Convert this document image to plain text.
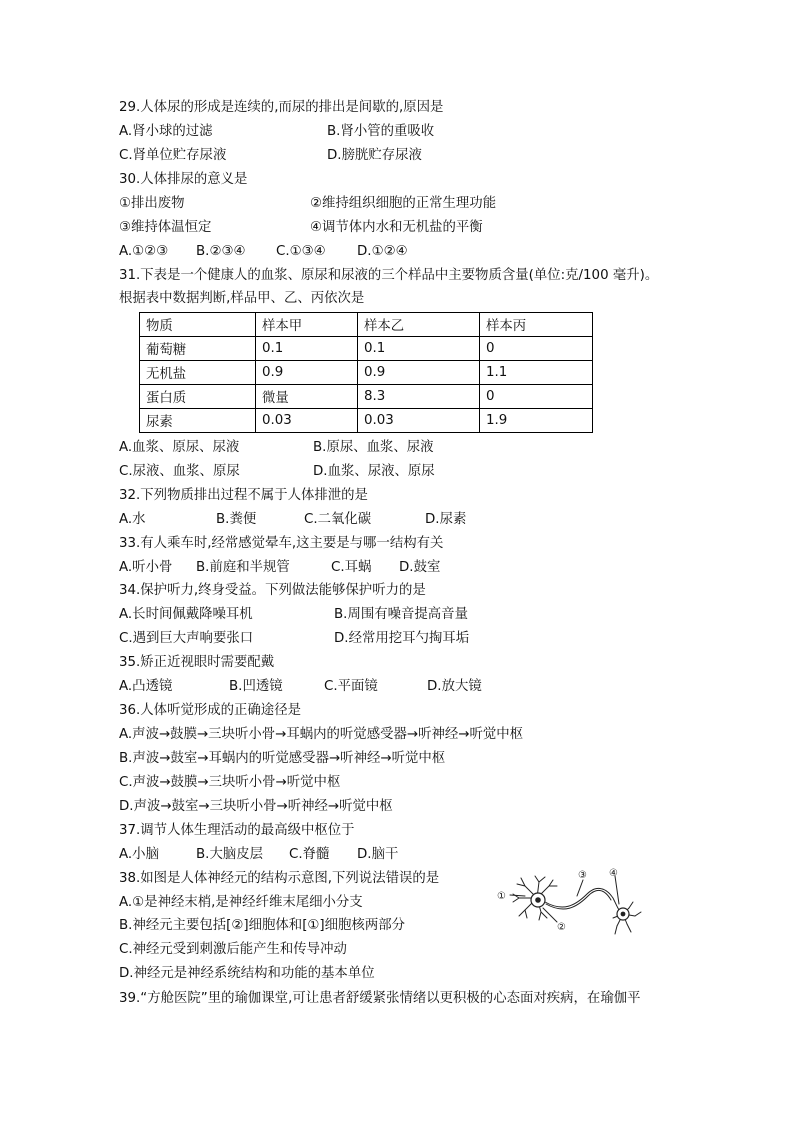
29.人体尿的形成是连续的,而尿的排出是间歇的,原因是
A.肾小球的过滤	B.肾小管的重吸收
C.肾单位贮存尿液	D.膀胱贮存尿液
30.人体排尿的意义是
①排出废物	②维持组织细胞的正常生理功能
③维持体温恒定	④调节体内水和无机盐的平衡
A.①②③ B.②③④ C.①③④ D.①②④
31.下表是一个健康人的血浆、原尿和尿液的三个样品中主要物质含量(单位:克/100 毫升)。
根据表中数据判断,样品甲、乙、丙依次是
物质	样本甲	样本乙	样本丙
葡萄糖	0.1	0.1	0
无机盐	0.9	0.9	1.1
蛋白质	微量	8.3	0
尿素	0.03	0.03	1.9
A.血浆、原尿、尿液	B.原尿、血浆、尿液
C.尿液、血浆、原尿	D.血浆、尿液、原尿
32.下列物质排出过程不属于人体排泄的是
A.水	B.粪便	C.二氧化碳	D.尿素
33.有人乘车时,经常感觉晕车,这主要是与哪一结构有关
A.听小骨 B.前庭和半规管	C.耳蜗 D.鼓室
34.保护听力,终身受益。下列做法能够保护听力的是
A.长时间佩戴降噪耳机	B.周围有噪音提高音量
C.遇到巨大声响要张口	D.经常用挖耳勺掏耳垢
35.矫正近视眼时需要配戴
A.凸透镜	B.凹透镜	C.平面镜	D.放大镜
36.人体听觉形成的正确途径是
A.声波→鼓膜→三块听小骨→耳蜗内的听觉感受器→听神经→听觉中枢
B.声波→鼓室→耳蜗内的听觉感受器→听神经→听觉中枢
C.声波→鼓膜→三块听小骨→听觉中枢
D.声波→鼓室→三块听小骨→听神经→听觉中枢
37.调节人体生理活动的最高级中枢位于
A.小脑	B.大脑皮层 C.脊髓 D.脑干
38.如图是人体神经元的结构示意图,下列说法错误的是
A.①是神经末梢,是神经纤维末尾细小分支
B.神经元主要包括[②]细胞体和[①]细胞核两部分
C.神经元受到刺激后能产生和传导冲动
D.神经元是神经系统结构和功能的基本单位
①
②
③ ④
39.“方舱医院”里的瑜伽课堂,可让患者舒缓紧张情绪以更积极的心态面对疾病，在瑜伽平
